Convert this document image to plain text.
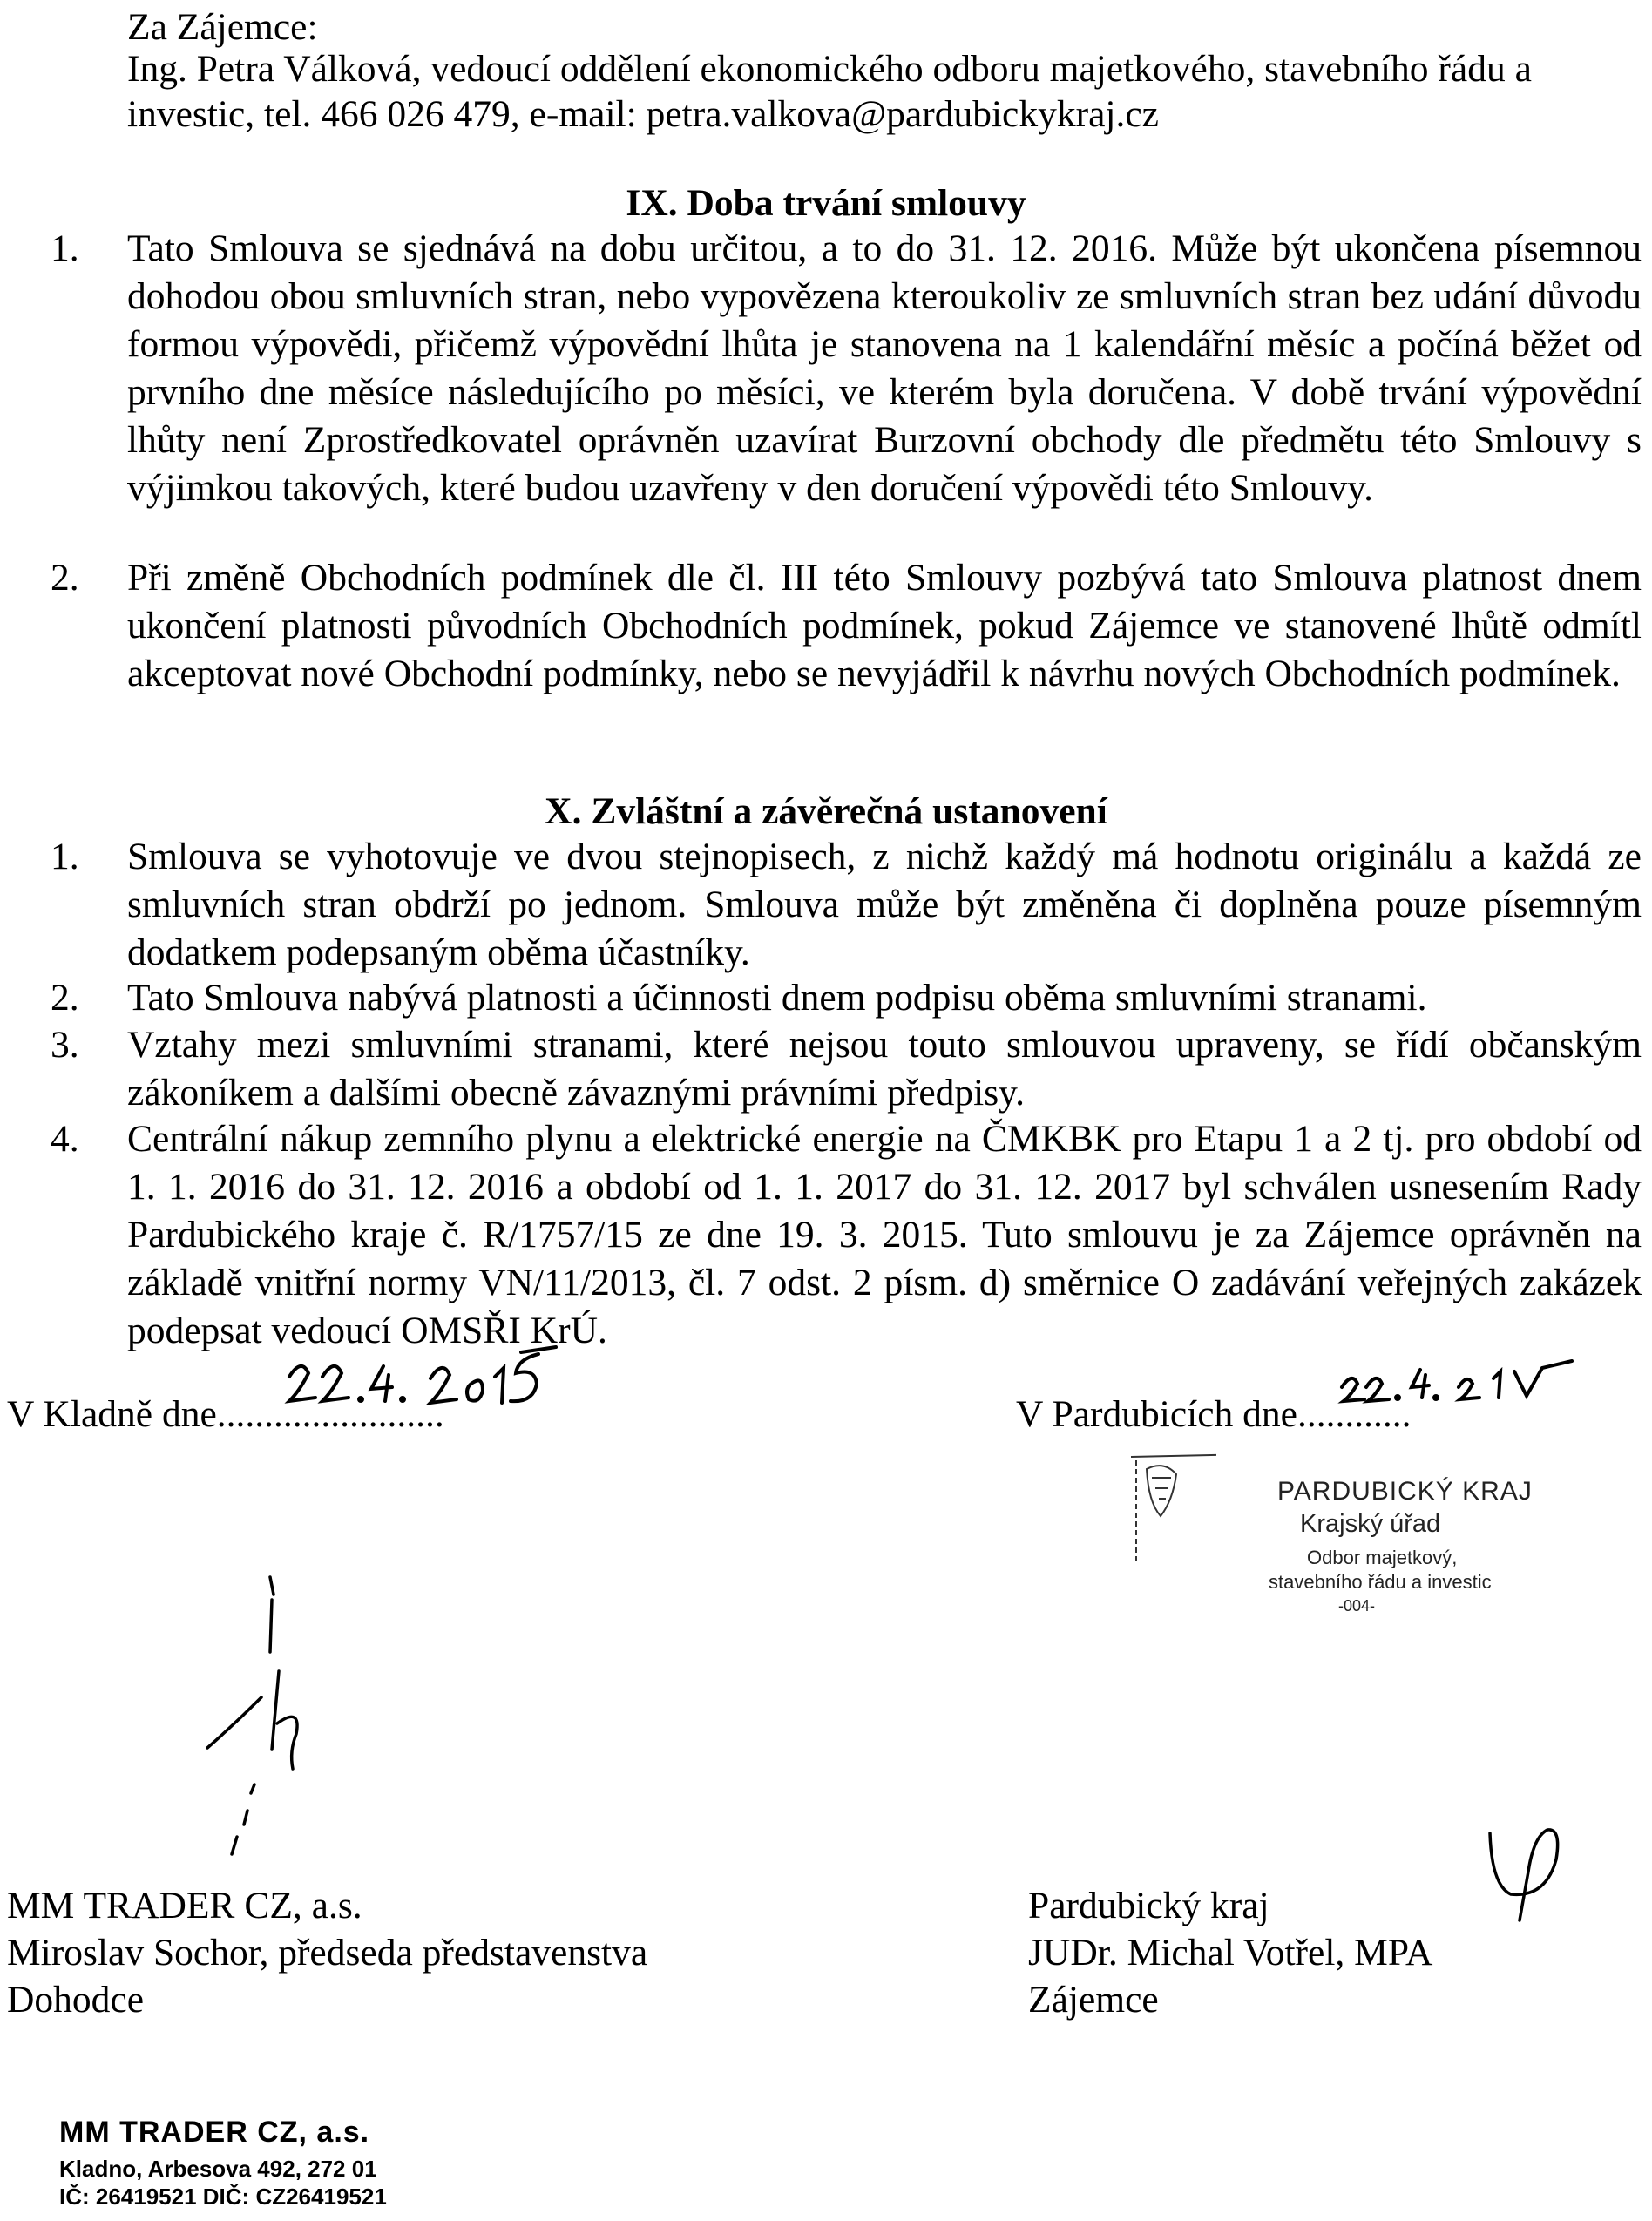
Za Zájemce:
Ing. Petra Válková, vedoucí oddělení ekonomického odboru majetkového, stavebního řádu a
investic, tel. 466 026 479, e-mail: petra.valkova@pardubickykraj.cz
IX. Doba trvání smlouvy
1. Tato Smlouva se sjednává na dobu určitou, a to do 31. 12. 2016. Může být ukončena písemnou dohodou obou smluvních stran, nebo vypovězena kteroukoliv ze smluvních stran bez udání důvodu formou výpovědi, přičemž výpovědní lhůta je stanovena na 1 kalendářní měsíc a počíná běžet od prvního dne měsíce následujícího po měsíci, ve kterém byla doručena. V době trvání výpovědní lhůty není Zprostředkovatel oprávněn uzavírat Burzovní obchody dle předmětu této Smlouvy s výjimkou takových, které budou uzavřeny v den doručení výpovědi této Smlouvy.
2. Při změně Obchodních podmínek dle čl. III této Smlouvy pozbývá tato Smlouva platnost dnem ukončení platnosti původních Obchodních podmínek, pokud Zájemce ve stanovené lhůtě odmítl akceptovat nové Obchodní podmínky, nebo se nevyjádřil k návrhu nových Obchodních podmínek.
X. Zvláštní a závěrečná ustanovení
1. Smlouva se vyhotovuje ve dvou stejnopisech, z nichž každý má hodnotu originálu a každá ze smluvních stran obdrží po jednom. Smlouva může být změněna či doplněna pouze písemným dodatkem podepsaným oběma účastníky.
2. Tato Smlouva nabývá platnosti a účinnosti dnem podpisu oběma smluvními stranami.
3. Vztahy mezi smluvními stranami, které nejsou touto smlouvou upraveny, se řídí občanským zákoníkem a dalšími obecně závaznými právními předpisy.
4. Centrální nákup zemního plynu a elektrické energie na ČMKBK pro Etapu 1 a 2 tj. pro období od 1. 1. 2016 do 31. 12. 2016 a období od 1. 1. 2017 do 31. 12. 2017 byl schválen usnesením Rady Pardubického kraje č. R/1757/15 ze dne 19. 3. 2015. Tuto smlouvu je za Zájemce oprávněn na základě vnitřní normy VN/11/2013, čl. 7 odst. 2 písm. d) směrnice O zadávání veřejných zakázek podepsat vedoucí OMSŘI KrÚ.
V Kladně dne........................
MM TRADER CZ, a.s.
Miroslav Sochor, předseda představenstva
Dohodce
V Pardubicích dne............
PARDUBICKÝ KRAJ
Krajský úřad
Odbor majetkový,
stavebního řádu a investic
-004-
Pardubický kraj
JUDr. Michal Votřel, MPA
Zájemce
MM TRADER CZ, a.s.
Kladno, Arbesova 492, 272 01
IČ: 26419521 DIČ: CZ26419521
